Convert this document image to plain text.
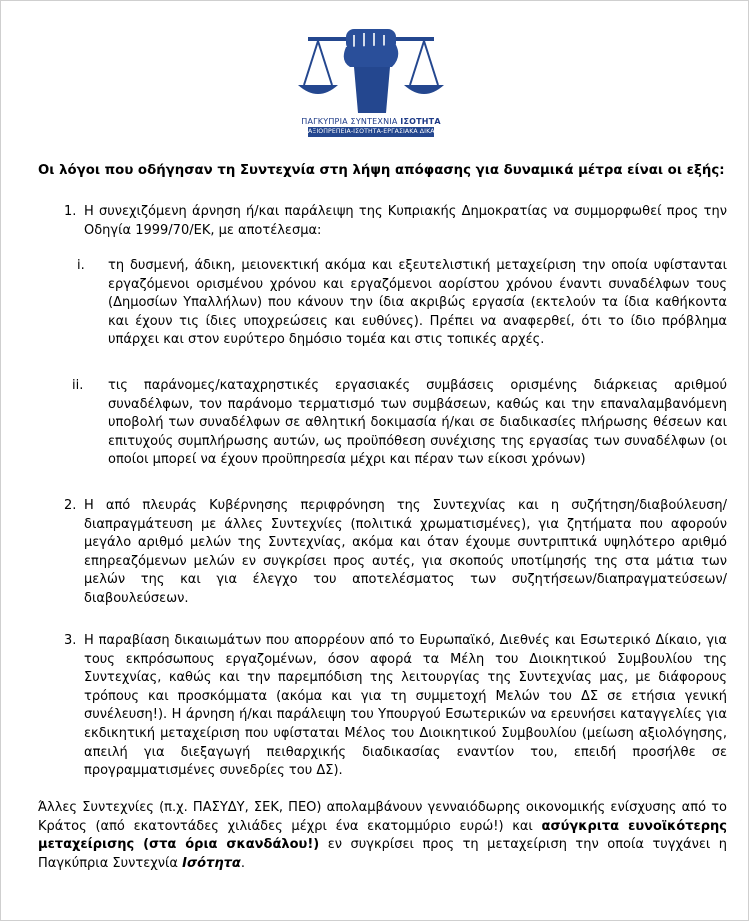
ΠΑΓΚΥΠΡΙΑ ΣΥΝΤΕΧΝΙΑ ΙΣΟΤΗΤΑ
ΑΞΙΟΠΡΕΠΕΙΑ-ΙΣΟΤΗΤΑ-ΕΡΓΑΣΙΑΚΑ ΔΙΚΑΙΩΜΑΤΑ
Οι λόγοι που οδήγησαν τη Συντεχνία στη λήψη απόφασης για δυναμικά μέτρα είναι οι εξής:
1. Η συνεχιζόμενη άρνηση ή/και παράλειψη της Κυπριακής Δημοκρατίας να συμμορφωθεί προς την Οδηγία 1999/70/ΕΚ, με αποτέλεσμα:
i. τη δυσμενή, άδικη, μειονεκτική ακόμα και εξευτελιστική μεταχείριση την οποία υφίστανται εργαζόμενοι ορισμένου χρόνου και εργαζόμενοι αορίστου χρόνου έναντι συναδέλφων τους (Δημοσίων Υπαλλήλων) που κάνουν την ίδια ακριβώς εργασία (εκτελούν τα ίδια καθήκοντα και έχουν τις ίδιες υποχρεώσεις και ευθύνες). Πρέπει να αναφερθεί, ότι το ίδιο πρόβλημα υπάρχει και στον ευρύτερο δημόσιο τομέα και στις τοπικές αρχές.
ii. τις παράνομες/καταχρηστικές εργασιακές συμβάσεις ορισμένης διάρκειας αριθμού συναδέλφων, τον παράνομο τερματισμό των συμβάσεων, καθώς και την επαναλαμβανόμενη υποβολή των συναδέλφων σε αθλητική δοκιμασία ή/και σε διαδικασίες πλήρωσης θέσεων και επιτυχούς συμπλήρωσης αυτών, ως προϋπόθεση συνέχισης της εργασίας των συναδέλφων (οι οποίοι μπορεί να έχουν προϋπηρεσία μέχρι και πέραν των είκοσι χρόνων)
2. Η από πλευράς Κυβέρνησης περιφρόνηση της Συντεχνίας και η συζήτηση/διαβούλευση/διαπραγμάτευση με άλλες Συντεχνίες (πολιτικά χρωματισμένες), για ζητήματα που αφορούν μεγάλο αριθμό μελών της Συντεχνίας, ακόμα και όταν έχουμε συντριπτικά υψηλότερο αριθμό επηρεαζόμενων μελών εν συγκρίσει προς αυτές, για σκοπούς υποτίμησής της στα μάτια των μελών της και για έλεγχο του αποτελέσματος των συζητήσεων/διαπραγματεύσεων/διαβουλεύσεων.
3. Η παραβίαση δικαιωμάτων που απορρέουν από το Ευρωπαϊκό, Διεθνές και Εσωτερικό Δίκαιο, για τους εκπρόσωπους εργαζομένων, όσον αφορά τα Μέλη του Διοικητικού Συμβουλίου της Συντεχνίας, καθώς και την παρεμπόδιση της λειτουργίας της Συντεχνίας μας, με διάφορους τρόπους και προσκόμματα (ακόμα και για τη συμμετοχή Μελών του ΔΣ σε ετήσια γενική συνέλευση!). Η άρνηση ή/και παράλειψη του Υπουργού Εσωτερικών να ερευνήσει καταγγελίες για εκδικητική μεταχείριση που υφίσταται Μέλος του Διοικητικού Συμβουλίου (μείωση αξιολόγησης, απειλή για διεξαγωγή πειθαρχικής διαδικασίας εναντίον του, επειδή προσήλθε σε προγραμματισμένες συνεδρίες του ΔΣ).
Άλλες Συντεχνίες (π.χ. ΠΑΣΥΔΥ, ΣΕΚ, ΠΕΟ) απολαμβάνουν γενναιόδωρης οικονομικής ενίσχυσης από το Κράτος (από εκατοντάδες χιλιάδες μέχρι ένα εκατομμύριο ευρώ!) και ασύγκριτα ευνοϊκότερης μεταχείρισης (στα όρια σκανδάλου!) εν συγκρίσει προς τη μεταχείριση την οποία τυγχάνει η Παγκύπρια Συντεχνία Ισότητα.
